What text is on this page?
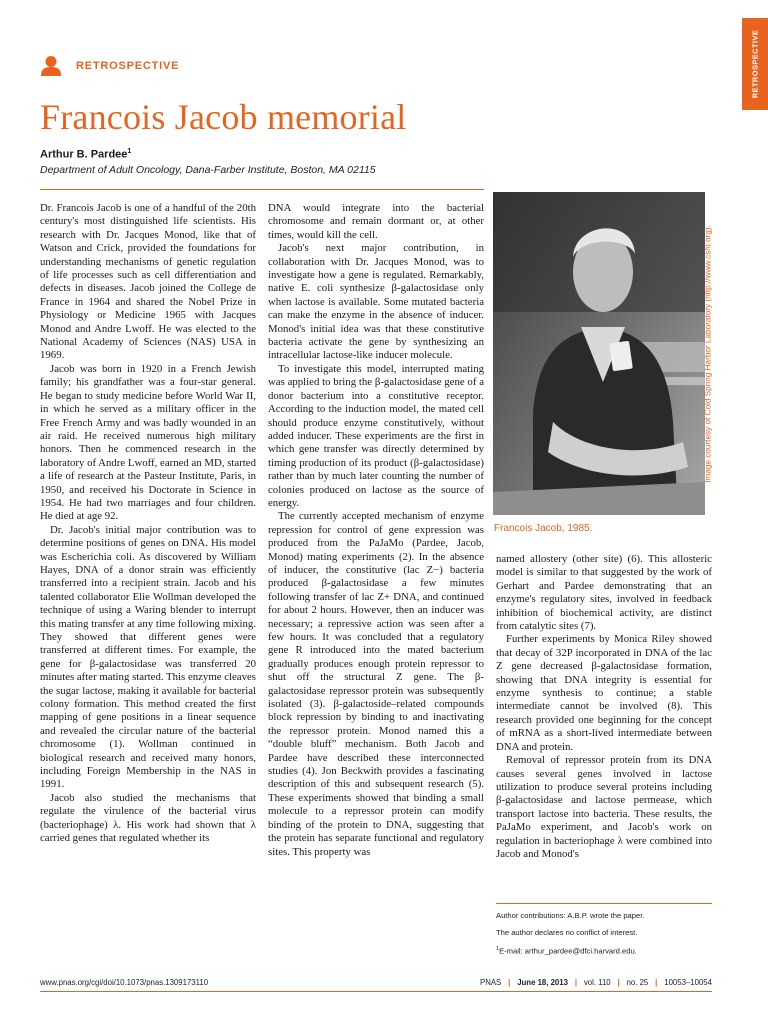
RETROSPECTIVE
RETROSPECTIVE
Francois Jacob memorial
Arthur B. Pardee$^1$
Department of Adult Oncology, Dana-Farber Institute, Boston, MA 02115

Dr. Francois Jacob is one of a handful of the 20th century's most distinguished life scientists. His research with Dr. Jacques Monod, like that of Watson and Crick, provided the foundations for understanding mechanisms of genetic regulation of life processes such as cell differentiation and defects in diseases. Jacob joined the College de France in 1964 and shared the Nobel Prize in Physiology or Medicine 1965 with Jacques Monod and Andre Lwoff. He was elected to the National Academy of Sciences (NAS) USA in 1969.

Jacob was born in 1920 in a French Jewish family; his grandfather was a four-star general. He began to study medicine before World War II, in which he served as a military officer in the Free French Army and was badly wounded in an air raid. He received numerous high military honors. Then he commenced research in the laboratory of Andre Lwoff, earned an MD, started a life of research at the Pasteur Institute, Paris, in 1950, and received his Doctorate in Science in 1954. He had two marriages and four children. He died at age 92.

Dr. Jacob's initial major contribution was to determine positions of genes on DNA. His model was Escherichia coli. As discovered by William Hayes, DNA of a donor strain was efficiently transferred into a recipient strain. Jacob and his talented collaborator Elie Wollman developed the technique of using a Waring blender to interrupt this mating transfer at any time following mixing. They showed that different genes were transferred at different times. For example, the gene for β-galactosidase was transferred 20 minutes after mating started. This enzyme cleaves the sugar lactose, making it available for bacterial colony formation. This method created the first mapping of gene positions in a linear sequence and revealed the circular nature of the bacterial chromosome (1). Wollman continued in biological research and received many honors, including Foreign Membership in the NAS in 1991.

Jacob also studied the mechanisms that regulate the virulence of the bacterial virus (bacteriophage) λ. His work had shown that λ carried genes that regulated whether its

DNA would integrate into the bacterial chromosome and remain dormant or, at other times, would kill the cell.

Jacob's next major contribution, in collaboration with Dr. Jacques Monod, was to investigate how a gene is regulated. Remarkably, native E. coli synthesize β-galactosidase only when lactose is available. Some mutated bacteria can make the enzyme in the absence of inducer. Monod's initial idea was that these constitutive bacteria activate the gene by synthesizing an intracellular lactose-like inducer molecule.

To investigate this model, interrupted mating was applied to bring the β-galactosidase gene of a donor bacterium into a constitutive receptor. According to the induction model, the mated cell should produce enzyme constitutively, without added inducer. These experiments are the first in which gene transfer was directly determined by timing production of its product (β-galactosidase) rather than by much later counting the number of colonies produced on lactose as the source of energy.

The currently accepted mechanism of enzyme repression for control of gene expression was produced from the PaJaMo (Pardee, Jacob, Monod) mating experiments (2). In the absence of inducer, the constitutive (lac Z−) bacteria produced β-galactosidase a few minutes following transfer of lac Z+ DNA, and continued for about 2 hours. However, then an inducer was necessary; a repressive action was seen after a few hours. It was concluded that a regulatory gene R introduced into the mated bacterium gradually produces enough protein repressor to shut off the structural Z gene. The β-galactosidase repressor protein was subsequently isolated (3). β-galactoside–related compounds block repression by binding to and inactivating the repressor protein. Monod named this a “double bluff” mechanism. Both Jacob and Pardee have described these interconnected studies (4). Jon Beckwith provides a fascinating description of this and subsequent research (5). These experiments showed that binding a small molecule to a repressor protein can modify binding of the protein to DNA, suggesting that the protein has separate functional and regulatory sites. This property was

Image courtesy of Cold Spring Harbor Laboratory (http://www.cshl.org).
Francois Jacob, 1985.

named allostery (other site) (6). This allosteric model is similar to that suggested by the work of Gerhart and Pardee demonstrating that an enzyme's regulatory sites, involved in feedback inhibition of biochemical activity, are distinct from catalytic sites (7).

Further experiments by Monica Riley showed that decay of 32P incorporated in DNA of the lac Z gene decreased β-galactosidase formation, showing that DNA integrity is essential for enzyme synthesis to continue; a stable intermediate cannot be involved (8). This research provided one beginning for the concept of mRNA as a short-lived intermediate between DNA and protein.

Removal of repressor protein from its DNA causes several genes involved in lactose utilization to produce several proteins including β-galactosidase and lactose permease, which transport lactose into bacteria. These results, the PaJaMo experiment, and Jacob's work on regulation in bacteriophage λ were combined into Jacob and Monod's

Author contributions: A.B.P. wrote the paper.
The author declares no conflict of interest.
$^1$E-mail: arthur_pardee@dfci.harvard.edu.
www.pnas.org/cgi/doi/10.1073/pnas.1309173110	PNAS | June 18, 2013 | vol. 110 | no. 25 | 10053–10054
